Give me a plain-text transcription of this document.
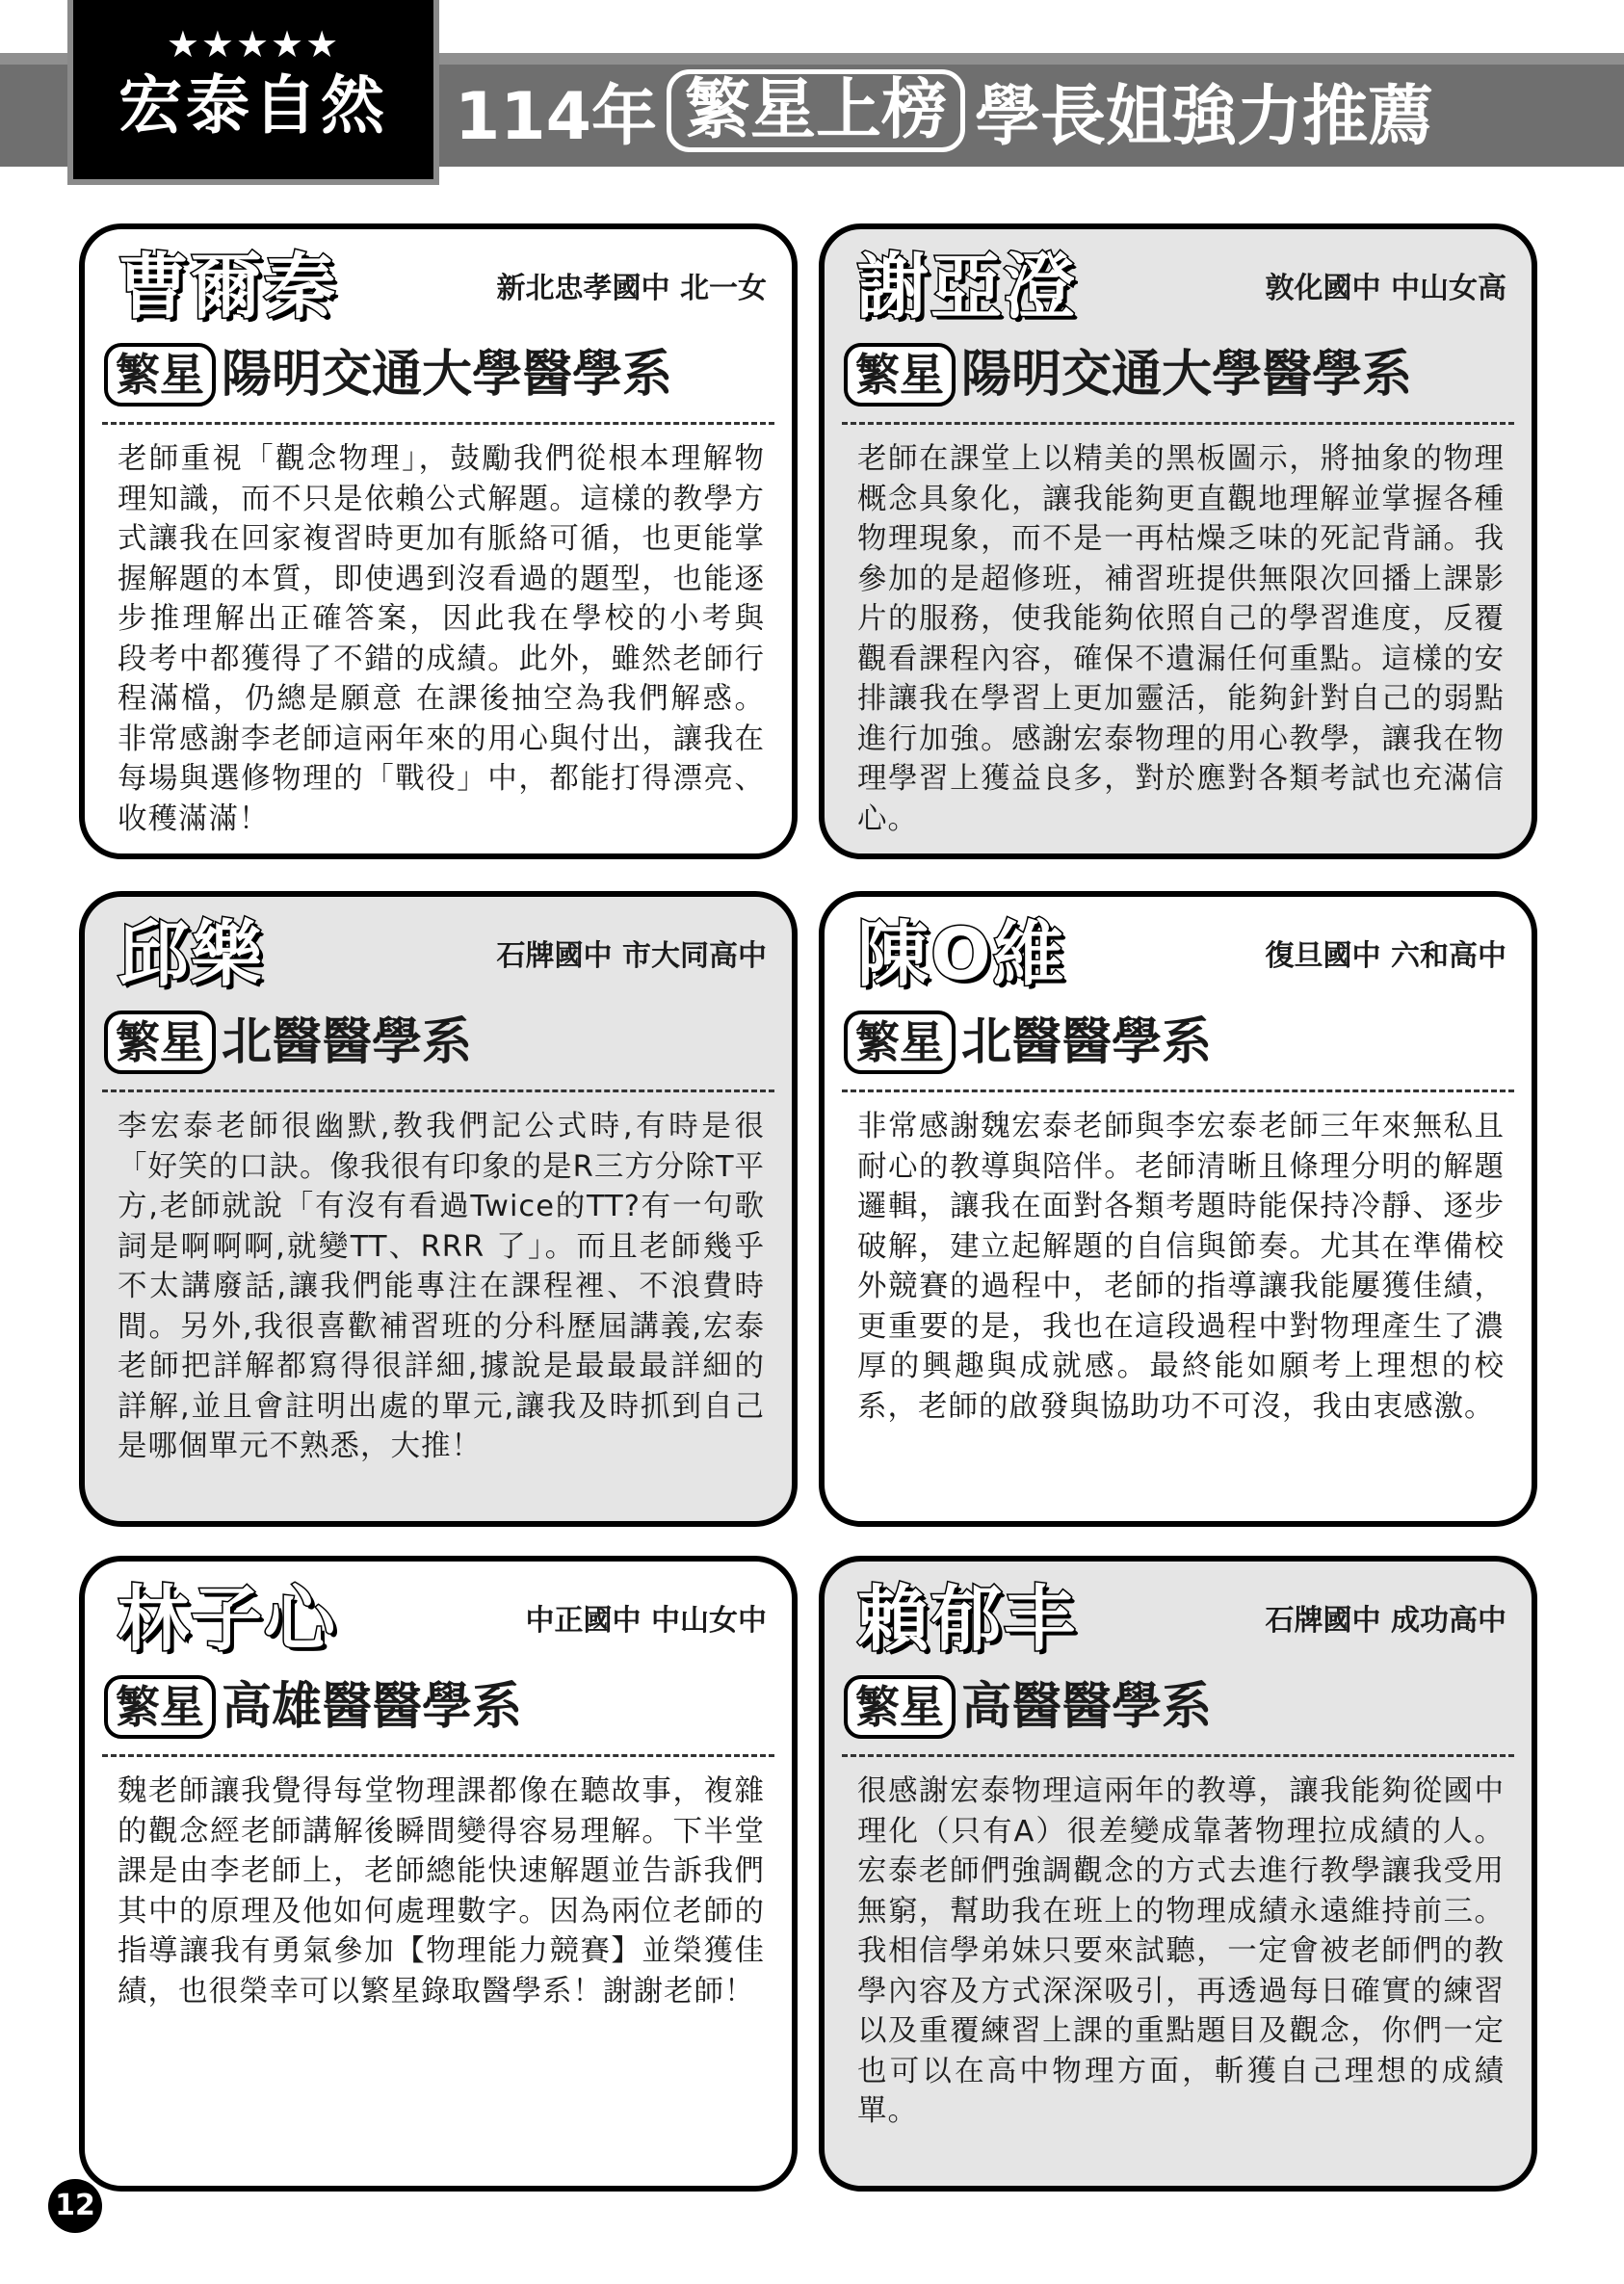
★★★★★
宏泰自然	114年 繁星上榜 學長姐強力推薦
曹爾秦	新北忠孝國中 北一女
繁星 陽明交通大學醫學系
老師重視「觀念物理」，鼓勵我們從根本理解物理知識，而不只是依賴公式解題。這樣的教學方式讓我在回家複習時更加有脈絡可循，也更能掌握解題的本質，即使遇到沒看過的題型，也能逐步推理解出正確答案，因此我在學校的小考與 段考中都獲得了不錯的成績。此外，雖然老師行程滿檔，仍總是願意 在課後抽空為我們解惑。非常感謝李老師這兩年來的用心與付出，讓我在每場與選修物理的「戰役」中，都能打得漂亮、收穫滿滿！
謝亞澄	敦化國中 中山女高
繁星 陽明交通大學醫學系
老師在課堂上以精美的黑板圖示，將抽象的物理概念具象化，讓我能夠更直觀地理解並掌握各種物理現象，而不是一再枯燥乏味的死記背誦。我參加的是超修班，補習班提供無限次回播上課影片的服務，使我能夠依照自己的學習進度，反覆觀看課程內容，確保不遺漏任何重點。這樣的安排讓我在學習上更加靈活，能夠針對自己的弱點進行加強。感謝宏泰物理的用心教學，讓我在物理學習上獲益良多，對於應對各類考試也充滿信心。
邱樂	石牌國中 市大同高中
繁星 北醫醫學系
李宏泰老師很幽默,教我們記公式時,有時是很 「好笑的口訣。像我很有印象的是R三方分除T平方,老師就說「有沒有看過Twice的TT?有一句歌詞是啊啊啊,就變TT、RRR 了」。而且老師幾乎不太講廢話,讓我們能專注在課程裡、不浪費時間。另外,我很喜歡補習班的分科歷屆講義,宏泰老師把詳解都寫得很詳細,據說是最最最詳細的詳解,並且會註明出處的單元,讓我及時抓到自己是哪個單元不熟悉，大推！
陳O維	復旦國中 六和高中
繁星 北醫醫學系
非常感謝魏宏泰老師與李宏泰老師三年來無私且耐心的教導與陪伴。老師清晰且條理分明的解題邏輯，讓我在面對各類考題時能保持冷靜、逐步破解，建立起解題的自信與節奏。尤其在準備校外競賽的過程中，老師的指導讓我能屢獲佳績，更重要的是，我也在這段過程中對物理產生了濃厚的興趣與成就感。最終能如願考上理想的校系，老師的啟發與協助功不可沒，我由衷感激。
林子心	中正國中 中山女中
繁星 高雄醫醫學系
魏老師讓我覺得每堂物理課都像在聽故事，複雜的觀念經老師講解後瞬間變得容易理解。下半堂課是由李老師上，老師總能快速解題並告訴我們其中的原理及他如何處理數字。因為兩位老師的指導讓我有勇氣參加【物理能力競賽】並榮獲佳績，也很榮幸可以繁星錄取醫學系！謝謝老師！
賴郁丰	石牌國中 成功高中
繁星 高醫醫學系
很感謝宏泰物理這兩年的教導，讓我能夠從國中理化（只有A）很差變成靠著物理拉成績的人。宏泰老師們強調觀念的方式去進行教學讓我受用無窮，幫助我在班上的物理成績永遠維持前三。我相信學弟妹只要來試聽，一定會被老師們的教學內容及方式深深吸引，再透過每日確實的練習以及重覆練習上課的重點題目及觀念，你們一定也可以在高中物理方面，斬獲自己理想的成績單。
12
